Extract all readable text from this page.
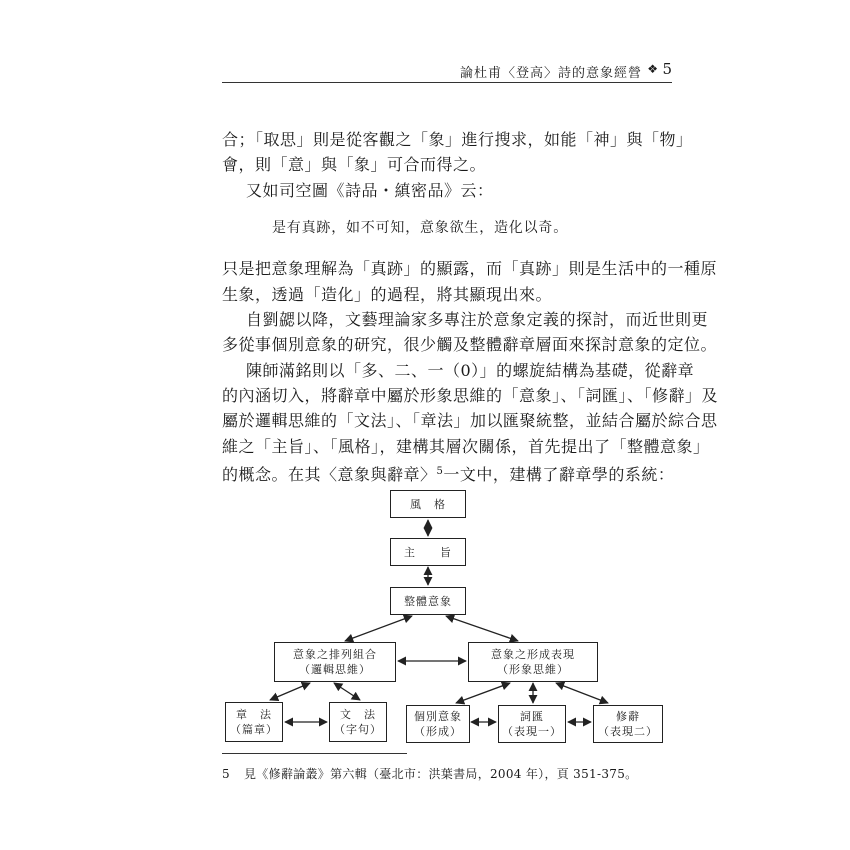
論杜甫〈登高〉詩的意象經營 ❖ 5
合；「取思」則是從客觀之「象」進行搜求，如能「神」與「物」
會，則「意」與「象」可合而得之。
又如司空圖《詩品・縝密品》云：
是有真跡，如不可知，意象欲生，造化以奇。
只是把意象理解為「真跡」的顯露，而「真跡」則是生活中的一種原
生象，透過「造化」的過程，將其顯現出來。
自劉勰以降，文藝理論家多專注於意象定義的探討，而近世則更
多從事個別意象的研究，很少觸及整體辭章層面來探討意象的定位。
陳師滿銘則以「多、二、一（0）」的螺旋結構為基礎，從辭章
的內涵切入，將辭章中屬於形象思維的「意象」、「詞匯」、「修辭」及
屬於邏輯思維的「文法」、「章法」加以匯聚統整，並結合屬於綜合思
維之「主旨」、「風格」，建構其層次關係，首先提出了「整體意象」
的概念。在其〈意象與辭章〉$^5$一文中，建構了辭章學的系統：
風　格
主　　旨
整體意象
意象之排列組合
（邏輯思維）
意象之形成表現
（形象思維）
章　法
（篇章）
文　法
（字句）
個別意象
（形成）
詞匯
（表現一）
修辭
（表現二）
5 見《修辭論叢》第六輯（臺北市：洪葉書局，2004 年），頁 351-375。
